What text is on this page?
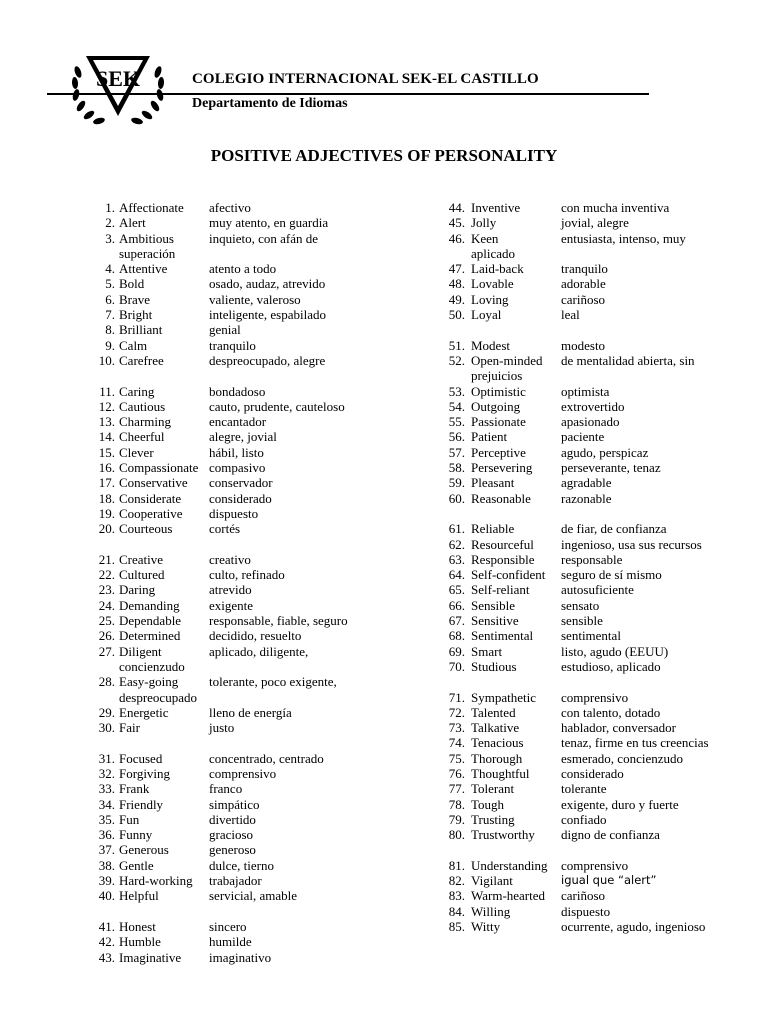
SEK	COLEGIO INTERNACIONAL SEK-EL CASTILLO
Departamento de Idiomas
POSITIVE ADJECTIVES OF PERSONALITY
1. Affectionate afectivo
2. Alert	muy atento, en guardia
3. Ambitious	inquieto, con afán de
superación
4. Attentive	atento a todo
5. Bold	osado, audaz, atrevido
6. Brave	valiente, valeroso
7. Bright	inteligente, espabilado
8. Brilliant	genial
9. Calm	tranquilo
10. Carefree	despreocupado, alegre
11. Caring	bondadoso
12. Cautious	cauto, prudente, cauteloso
13. Charming	encantador
14. Cheerful	alegre, jovial
15. Clever	hábil, listo
16. Compassionate compasivo
17. Conservative conservador
18. Considerate considerado
19. Cooperative dispuesto
20. Courteous	cortés
21. Creative	creativo
22. Cultured	culto, refinado
23. Daring	atrevido
24. Demanding exigente
25. Dependable responsable, fiable, seguro
26. Determined decidido, resuelto
27. Diligent	aplicado, diligente,
concienzudo
28. Easy-going tolerante, poco exigente,
despreocupado
29. Energetic	lleno de energía
30. Fair	justo
31. Focused	concentrado, centrado
32. Forgiving	comprensivo
33. Frank	franco
34. Friendly	simpático
35. Fun	divertido
36. Funny	gracioso
37. Generous	generoso
38. Gentle	dulce, tierno
39. Hard-working trabajador
40. Helpful	servicial, amable
41. Honest	sincero
42. Humble	humilde
43. Imaginative imaginativo
44. Inventive	con mucha inventiva
45. Jolly	jovial, alegre
46. Keen	entusiasta, intenso, muy
aplicado
47. Laid-back	tranquilo
48. Lovable	adorable
49. Loving	cariñoso
50. Loyal	leal
51. Modest	modesto
52. Open-minded de mentalidad abierta, sin
prejuicios
53. Optimistic	optimista
54. Outgoing	extrovertido
55. Passionate	apasionado
56. Patient	paciente
57. Perceptive	agudo, perspicaz
58. Persevering perseverante, tenaz
59. Pleasant	agradable
60. Reasonable razonable
61. Reliable	de fiar, de confianza
62. Resourceful ingenioso, usa sus recursos
63. Responsible responsable
64. Self-confident seguro de sí mismo
65. Self-reliant autosuficiente
66. Sensible	sensato
67. Sensitive	sensible
68. Sentimental sentimental
69. Smart	listo, agudo (EEUU)
70. Studious	estudioso, aplicado
71. Sympathetic comprensivo
72. Talented	con talento, dotado
73. Talkative	hablador, conversador
74. Tenacious	tenaz, firme en tus creencias
75. Thorough	esmerado, concienzudo
76. Thoughtful considerado
77. Tolerant	tolerante
78. Tough	exigente, duro y fuerte
79. Trusting	confiado
80. Trustworthy digno de confianza
81. Understanding comprensivo
82. Vigilant	igual que “alert”
83. Warm-hearted cariñoso
84. Willing	dispuesto
85. Witty	ocurrente, agudo, ingenioso
